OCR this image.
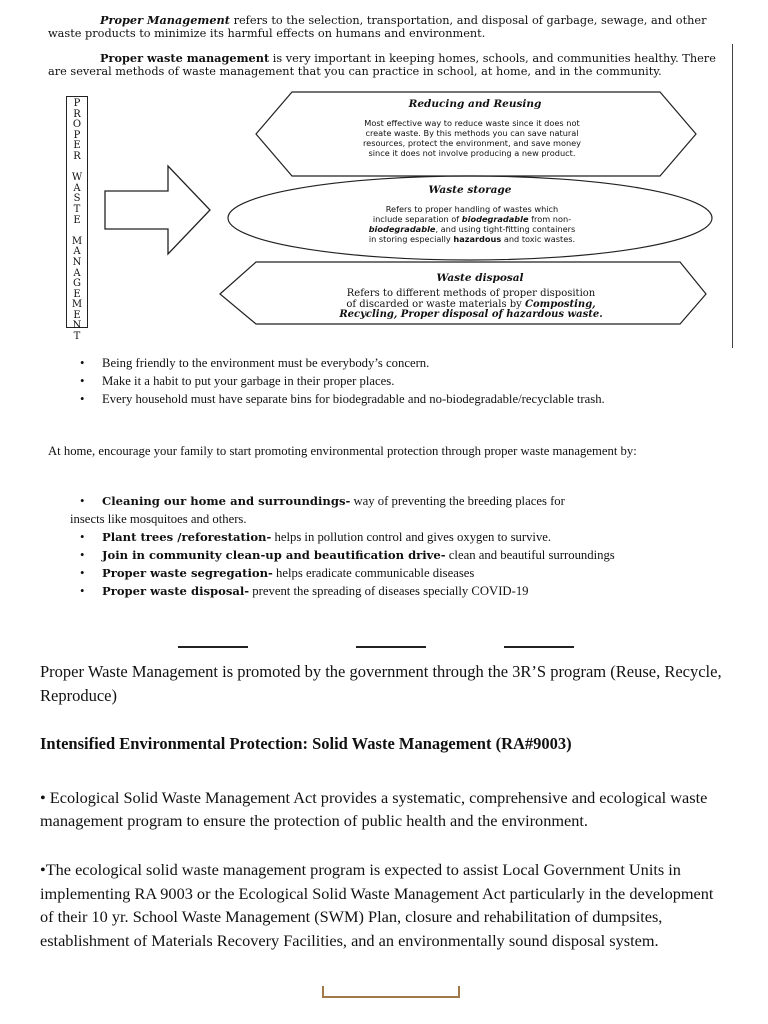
Proper Management refers to the selection, transportation, and disposal of garbage, sewage, and other waste products to minimize its harmful effects on humans and environment.
Proper waste management is very important in keeping homes, schools, and communities healthy. There are several methods of waste management that you can practice in school, at home, and in the community.
P
R
O
P
E
R

W
A
S
T
E

M
A
N
A
G
E
M
E
N
T
Reducing and Reusing
Most effective way to reduce waste since it does not
create waste. By this methods you can save natural
resources, protect the environment, and save money
since it does not involve producing a new product.
Waste storage
Refers to proper handling of wastes which
include separation of biodegradable from non-
biodegradable, and using tight-fitting containers
in storing especially hazardous and toxic wastes.
Waste disposal
Refers to different methods of proper disposition
of discarded or waste materials by Composting,
Recycling, Proper disposal of hazardous waste.
• Being friendly to the environment must be everybody’s concern.
• Make it a habit to put your garbage in their proper places.
• Every household must have separate bins for biodegradable and no-biodegradable/recyclable trash.
At home, encourage your family to start promoting environmental protection through proper waste management by:
• Cleaning our home and surroundings- way of preventing the breeding places for
insects like mosquitoes and others.
• Plant trees /reforestation- helps in pollution control and gives oxygen to survive.
• Join in community clean-up and beautification drive- clean and beautiful surroundings
• Proper waste segregation- helps eradicate communicable diseases
• Proper waste disposal- prevent the spreading of diseases specially COVID-19
Proper Waste Management is promoted by the government through the 3R’S program (Reuse, Recycle, Reproduce)
Intensified Environmental Protection: Solid Waste Management (RA#9003)
• Ecological Solid Waste Management Act provides a systematic, comprehensive and ecological waste management program to ensure the protection of public health and the environment.
•The ecological solid waste management program is expected to assist Local Government Units in implementing RA 9003 or the Ecological Solid Waste Management Act particularly in the development of their 10 yr. School Waste Management (SWM) Plan, closure and rehabilitation of dumpsites, establishment of Materials Recovery Facilities, and an environmentally sound disposal system.
